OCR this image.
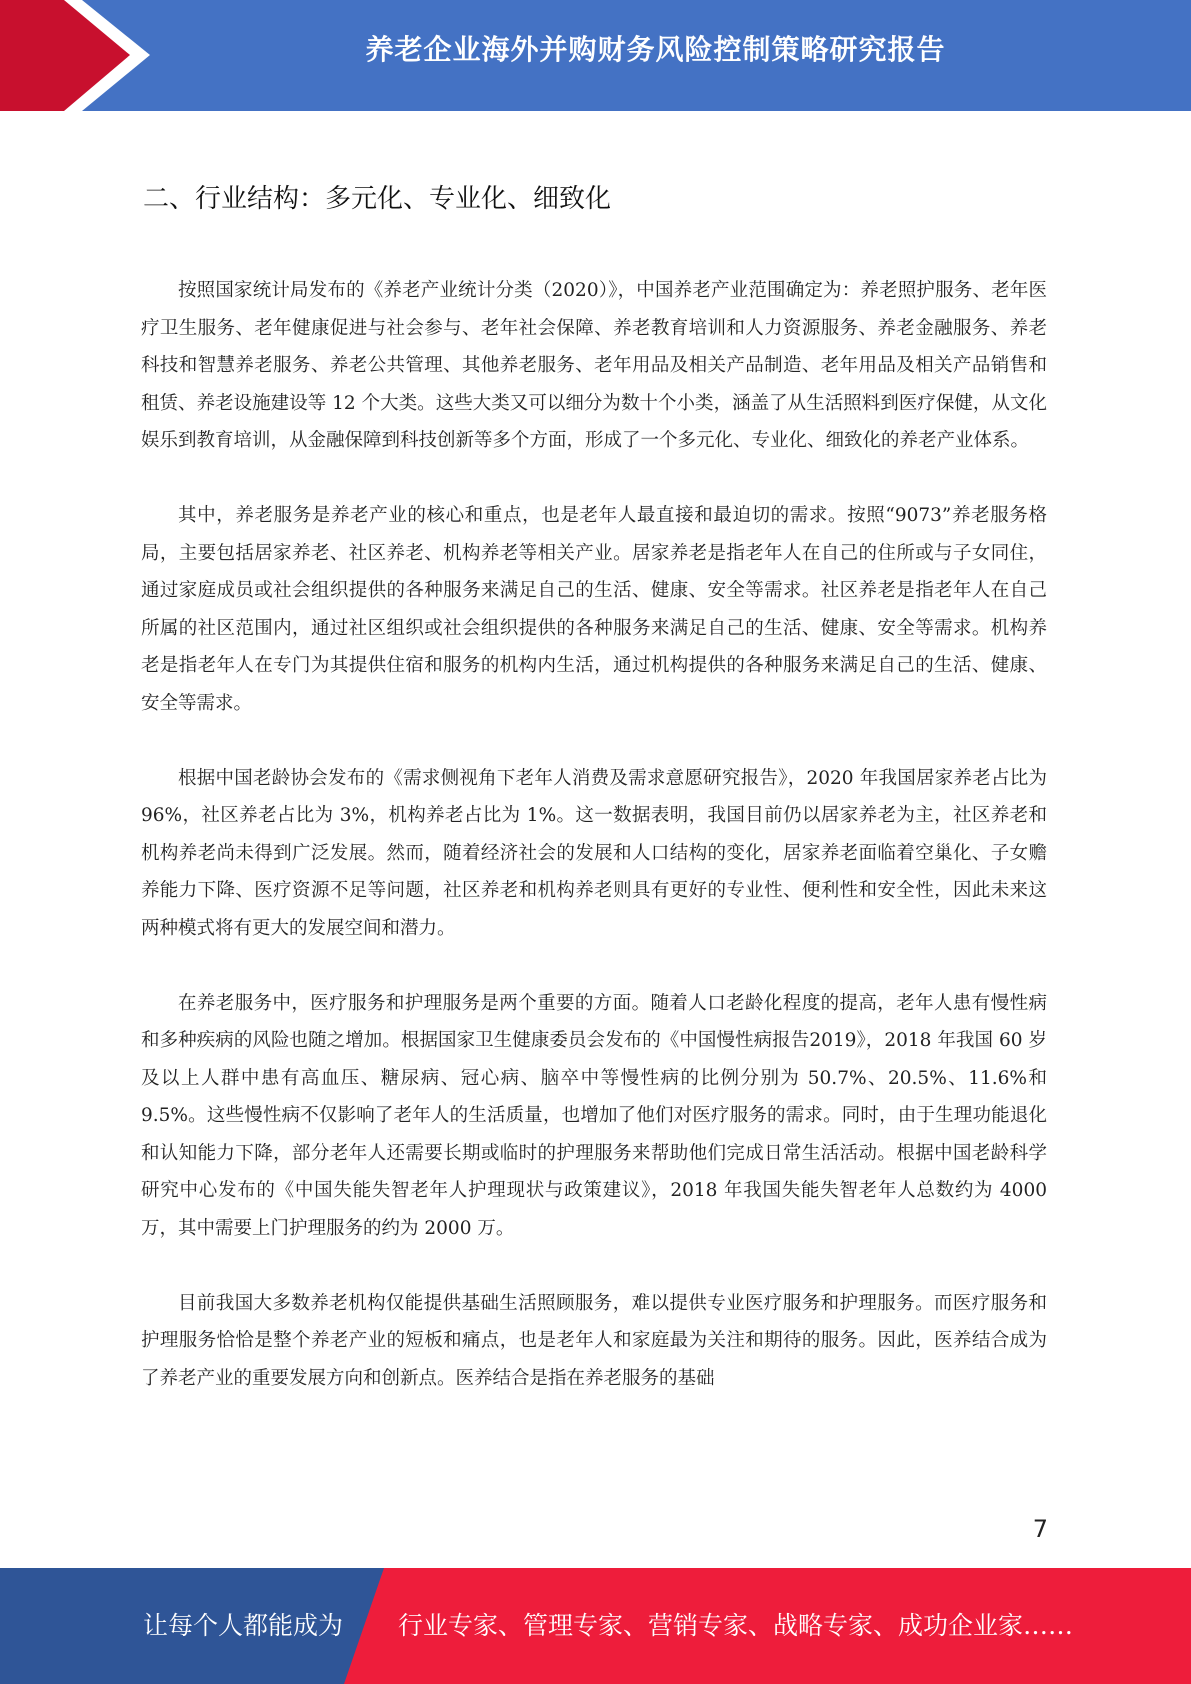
养老企业海外并购财务风险控制策略研究报告
二、行业结构：多元化、专业化、细致化

按照国家统计局发布的《养老产业统计分类（2020）》，中国养老产业范围确定为：养老照护服务、老年医疗卫生服务、老年健康促进与社会参与、老年社会保障、养老教育培训和人力资源服务、养老金融服务、养老科技和智慧养老服务、养老公共管理、其他养老服务、老年用品及相关产品制造、老年用品及相关产品销售和租赁、养老设施建设等 12 个大类。这些大类又可以细分为数十个小类，涵盖了从生活照料到医疗保健，从文化娱乐到教育培训，从金融保障到科技创新等多个方面，形成了一个多元化、专业化、细致化的养老产业体系。

其中，养老服务是养老产业的核心和重点，也是老年人最直接和最迫切的需求。按照“9073”养老服务格局，主要包括居家养老、社区养老、机构养老等相关产业。居家养老是指老年人在自己的住所或与子女同住，通过家庭成员或社会组织提供的各种服务来满足自己的生活、健康、安全等需求。社区养老是指老年人在自己所属的社区范围内，通过社区组织或社会组织提供的各种服务来满足自己的生活、健康、安全等需求。机构养老是指老年人在专门为其提供住宿和服务的机构内生活，通过机构提供的各种服务来满足自己的生活、健康、安全等需求。

根据中国老龄协会发布的《需求侧视角下老年人消费及需求意愿研究报告》，2020 年我国居家养老占比为 96%，社区养老占比为 3%，机构养老占比为 1%。这一数据表明，我国目前仍以居家养老为主，社区养老和机构养老尚未得到广泛发展。然而，随着经济社会的发展和人口结构的变化，居家养老面临着空巢化、子女赡养能力下降、医疗资源不足等问题，社区养老和机构养老则具有更好的专业性、便利性和安全性，因此未来这两种模式将有更大的发展空间和潜力。

在养老服务中，医疗服务和护理服务是两个重要的方面。随着人口老龄化程度的提高，老年人患有慢性病和多种疾病的风险也随之增加。根据国家卫生健康委员会发布的《中国慢性病报告2019》，2018 年我国 60 岁及以上人群中患有高血压、糖尿病、冠心病、脑卒中等慢性病的比例分别为 50.7%、20.5%、11.6%和 9.5%。这些慢性病不仅影响了老年人的生活质量，也增加了他们对医疗服务的需求。同时，由于生理功能退化和认知能力下降，部分老年人还需要长期或临时的护理服务来帮助他们完成日常生活活动。根据中国老龄科学研究中心发布的《中国失能失智老年人护理现状与政策建议》，2018 年我国失能失智老年人总数约为 4000 万，其中需要上门护理服务的约为 2000 万。

目前我国大多数养老机构仅能提供基础生活照顾服务，难以提供专业医疗服务和护理服务。而医疗服务和护理服务恰恰是整个养老产业的短板和痛点，也是老年人和家庭最为关注和期待的服务。因此，医养结合成为了养老产业的重要发展方向和创新点。医养结合是指在养老服务的基础

7
让每个人都能成为 行业专家、管理专家、营销专家、战略专家、成功企业家……
